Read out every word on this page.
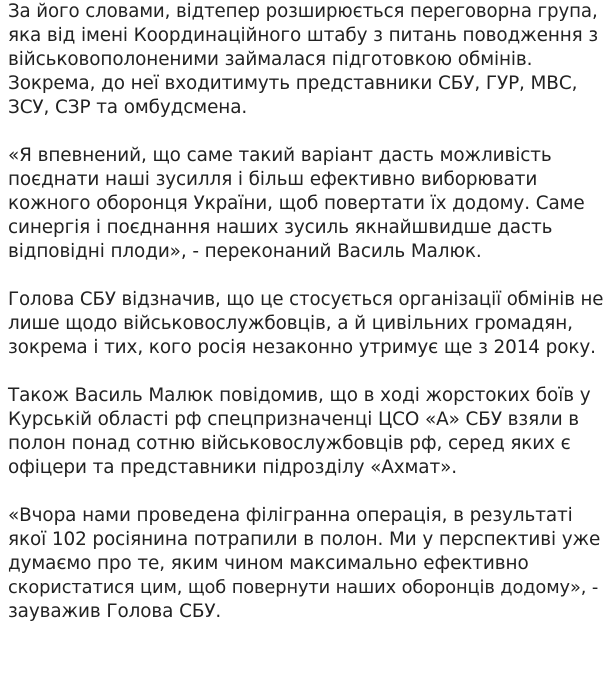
За його словами, відтепер розширюється переговорна група,
яка від імені Координаційного штабу з питань поводження з
військовополоненими займалася підготовкою обмінів.
Зокрема, до неї входитимуть представники СБУ, ГУР, МВС,
ЗСУ, СЗР та омбудсмена.

«Я впевнений, що саме такий варіант дасть можливість
поєднати наші зусилля і більш ефективно виборювати
кожного оборонця України, щоб повертати їх додому. Саме
синергія і поєднання наших зусиль якнайшвидше дасть
відповідні плоди», - переконаний Василь Малюк.

Голова СБУ відзначив, що це стосується організації обмінів не
лише щодо військовослужбовців, а й цивільних громадян,
зокрема і тих, кого росія незаконно утримує ще з 2014 року.

Також Василь Малюк повідомив, що в ході жорстоких боїв у
Курській області рф спецпризначенці ЦСО «А» СБУ взяли в
полон понад сотню військовослужбовців рф, серед яких є
офіцери та представники підрозділу «Ахмат».

«Вчора нами проведена філігранна операція, в результаті
якої 102 росіянина потрапили в полон. Ми у перспективі уже
думаємо про те, яким чином максимально ефективно
скористатися цим, щоб повернути наших оборонців додому», -
зауважив Голова СБУ.
